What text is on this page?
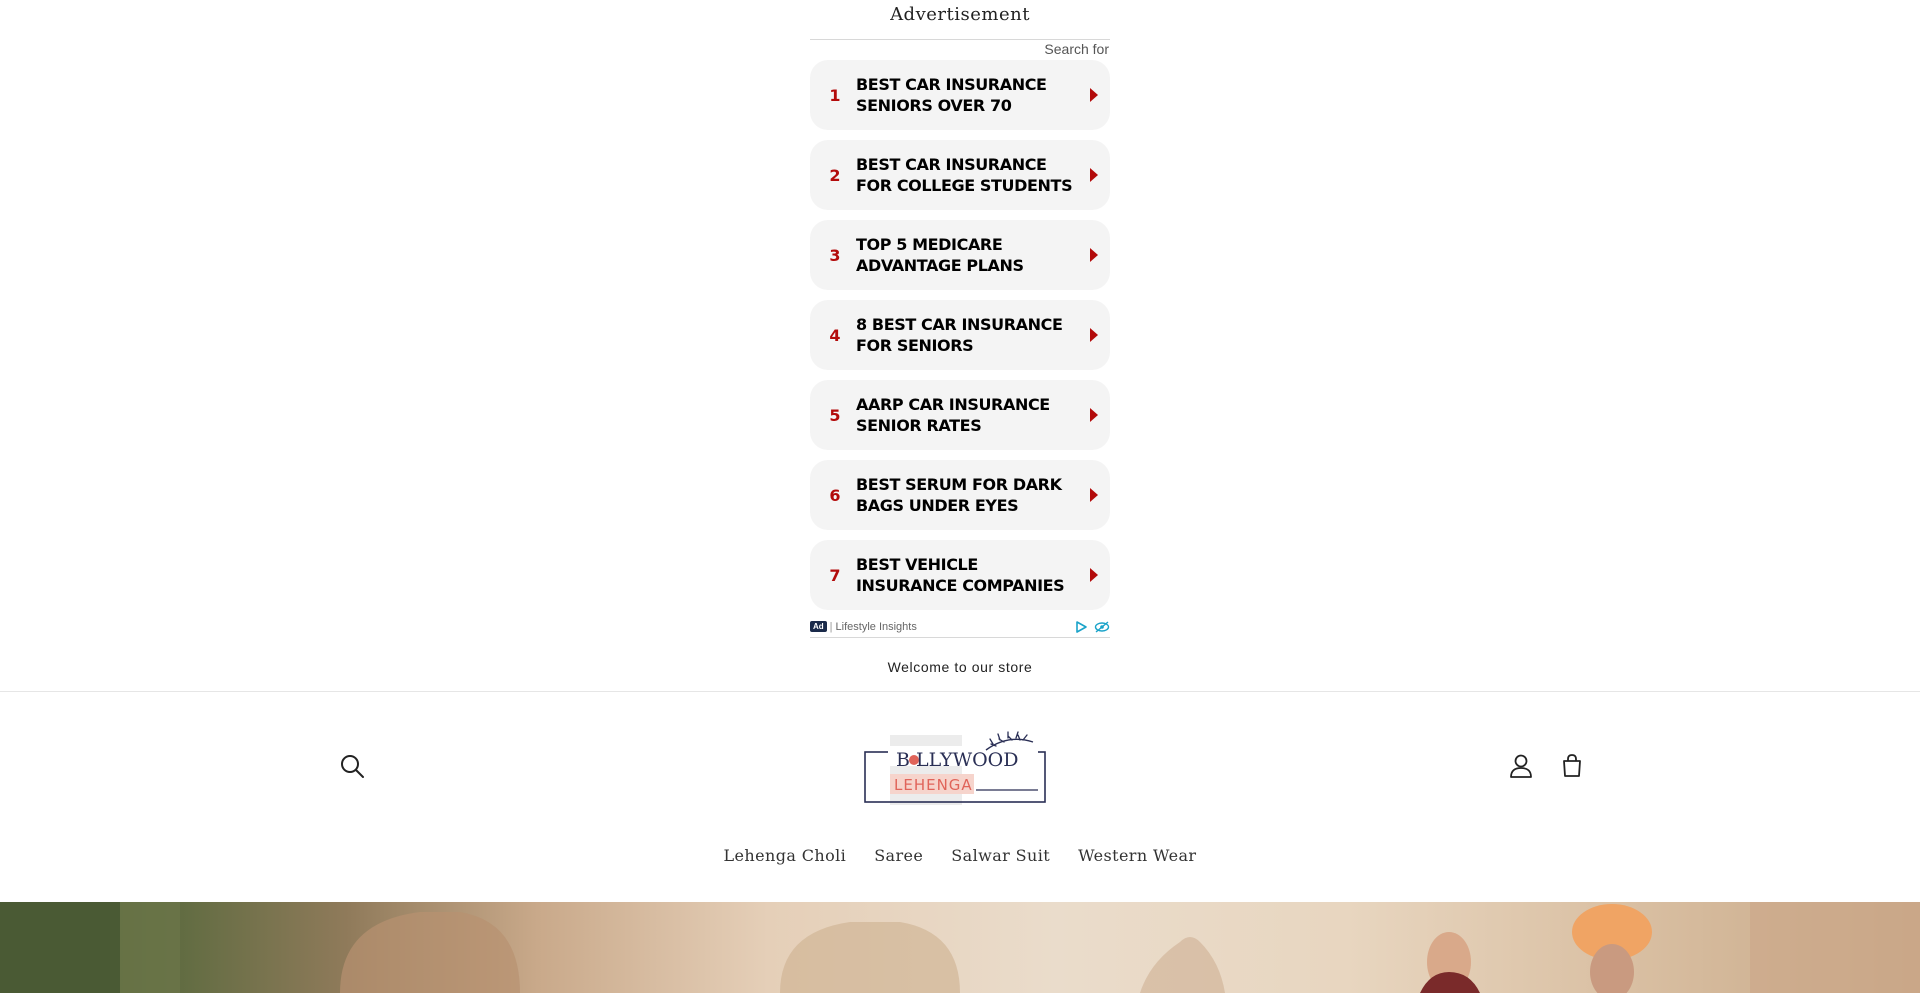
Advertisement
Search for
1
BEST CAR INSURANCE SENIORS OVER 70
2
BEST CAR INSURANCE FOR COLLEGE STUDENTS
3
TOP 5 MEDICARE ADVANTAGE PLANS
4
8 BEST CAR INSURANCE FOR SENIORS
5
AARP CAR INSURANCE SENIOR RATES
6
BEST SERUM FOR DARK BAGS UNDER EYES
7
BEST VEHICLE INSURANCE COMPANIES
Ad | Lifestyle Insights
Welcome to our store
B LLYWOOD
LEHENGA
Lehenga Choli	Saree	Salwar Suit	Western Wear
